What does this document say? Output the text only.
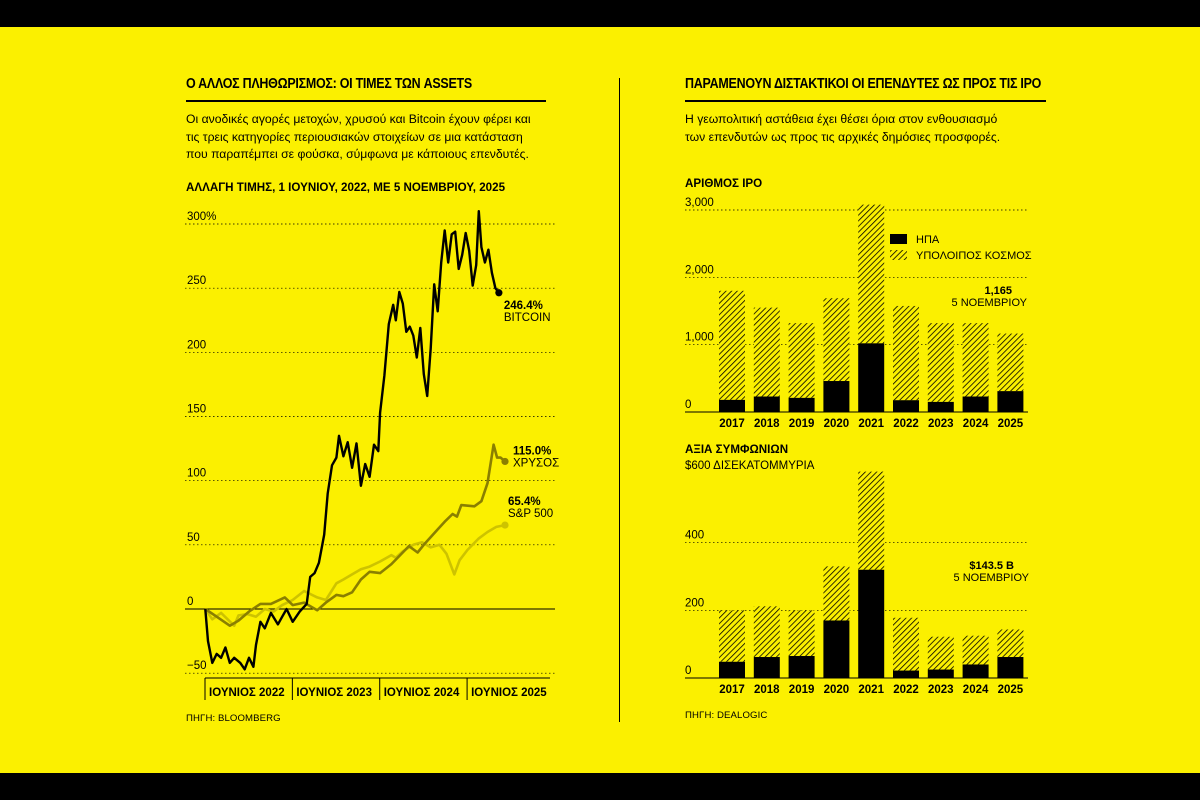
Ο ΑΛΛΟΣ ΠΛΗΘΩΡΙΣΜΟΣ: ΟΙ ΤΙΜΕΣ ΤΩΝ ASSETS
Οι ανοδικές αγορές μετοχών, χρυσού και Bitcoin έχουν φέρει και
τις τρεις κατηγορίες περιουσιακών στοιχείων σε μια κατάσταση
που παραπέμπει σε φούσκα, σύμφωνα με κάποιους επενδυτές.
ΑΛΛΑΓΗ ΤΙΜΗΣ, 1 ΙΟΥΝΙΟΥ, 2022, ΜΕ 5 ΝΟΕΜΒΡΙΟΥ, 2025
−50
0
50
100
150
200
250
300%
ΙΟΥΝΙΟΣ 2022 ΙΟΥΝΙΟΣ 2023 ΙΟΥΝΙΟΣ 2024 ΙΟΥΝΙΟΣ 2025
65.4%
S&P 500
115.0%
ΧΡΥΣΟΣ
246.4%
BITCOIN
ΠΗΓΗ: BLOOMBERG
ΠΑΡΑΜΕΝΟΥΝ ΔΙΣΤΑΚΤΙΚΟΙ ΟΙ ΕΠΕΝΔΥΤΕΣ ΩΣ ΠΡΟΣ ΤΙΣ IPO
Η γεωπολιτική αστάθεια έχει θέσει όρια στον ενθουσιασμό
των επενδυτών ως προς τις αρχικές δημόσιες προσφορές.
ΑΡΙΘΜΟΣ IPO
0
1,000
2,000
3,000
2017 2018 2019 2020 2021 2022 2023 2024 2025
ΗΠΑ
ΥΠΟΛΟΙΠΟΣ ΚΟΣΜΟΣ
1,165
5 ΝΟΕΜΒΡΙΟΥ
ΑΞΙΑ ΣΥΜΦΩΝΙΩΝ
$600 ΔΙΣΕΚΑΤΟΜΜΥΡΙΑ
0
200
400
2017 2018 2019 2020 2021 2022 2023 2024 2025
$143.5 B
5 ΝΟΕΜΒΡΙΟΥ
ΠΗΓΗ: DEALOGIC
